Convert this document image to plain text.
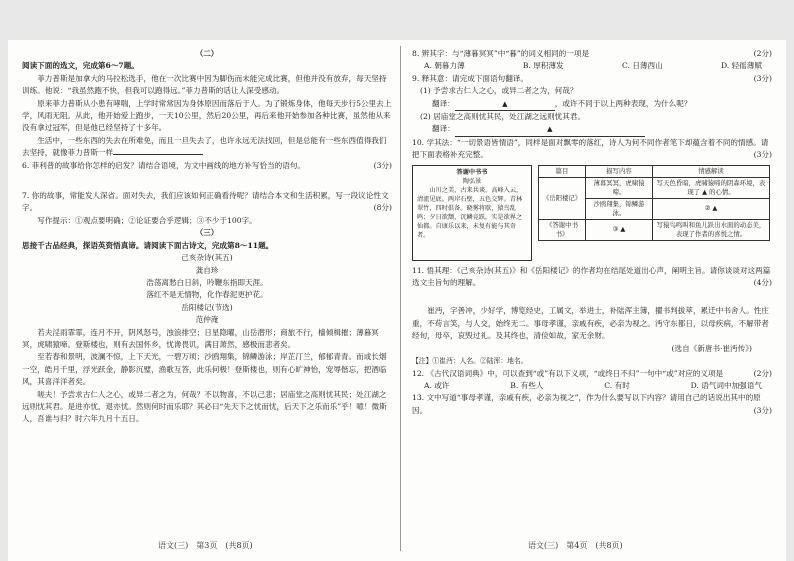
（二）

阅读下面的选文，完成第6～7题。

菲力普斯是加拿大的马拉松选手，他在一次比赛中因为脚伤而未能完成比赛，但他并没有放弃，每天坚持训练。他说：“我虽然跑不快，但我可以跑得远。”菲力普斯的话让人深受感动。

原来菲力普斯从小患有哮喘，上学时常常因为身体原因而落后于人。为了锻炼身体，他每天步行5公里去上学，风雨无阻。从此，他开始爱上跑步，一天10公里，然后20公里，再后来他开始参加各种比赛，虽然他从来没有拿过冠军，但是他已经坚持了十多年。

生活中，一些东西的失去在所难免，而且一旦失去了，也许永远无法找回，但是总能有一些东西值得我们去坚持，就像菲力普斯一样

6. 菲利普的故事给你怎样的启发？请结合语境，为文中画线的地方补写恰当的语句。	(3分)

7. 你的故事，常能发人深省。面对失去，我们应该如何正确看待呢？请结合本文和生活积累，写一段议论性文字。	(8分)

写作提示：①观点要明确；②论证要合乎逻辑；③不少于100字。

（三）

思接千古品经典，探语英资悟真谛。请阅读下面古诗文，完成第8～11题。

己亥杂诗(其五)
龚自珍
浩荡离愁白日斜，吟鞭东指即天涯。
落红不是无情物，化作春泥更护花。
岳阳楼记(节选)
范仲淹

若夫淫雨霏霏，连月不开，阴风怒号，浊浪排空；日星隐曜，山岳潜形；商旅不行，樯倾楫摧；薄暮冥冥，虎啸猿啼。登斯楼也，则有去国怀乡，忧谗畏讥，满目萧然，感极而悲者矣。

至若春和景明，波澜不惊，上下天光，一碧万顷；沙鸥翔集，锦鳞游泳；岸芷汀兰，郁郁青青。而或长烟一空，皓月千里，浮光跃金，静影沉璧，渔歌互答，此乐何极！登斯楼也，则有心旷神怡，宠辱偕忘，把酒临风，其喜洋洋者矣。

嗟夫！予尝求古仁人之心，或异二者之为，何哉？不以物喜，不以己悲；居庙堂之高则忧其民；处江湖之远则忧其君。是进亦忧，退亦忧。然则何时而乐耶？其必曰“先天下之忧而忧，后天下之乐而乐”乎！噫！微斯人，吾谁与归？时六年九月十五日。

8. 辨其字：与“薄暮冥冥”中“暮”的词义相同的一项是	(2分)

A. 朝暮力薄	B. 厚积薄发	C. 日薄西山	D. 轻徭薄赋

9. 释其意：请完成下面语句翻译。	(3分)

(1) 予尝求古仁人之心，或异二者之为，何哉？

翻译：	▲	，或许不同于以上两种表现，为什么呢？

(2) 居庙堂之高则忧其民，处江湖之远则忧其君。

翻译：	▲

10. 学其法：“一切景语皆情语”，同样是面对飘零的落红，诗人为何不同作者笔下却蕴含着不同的情感。请把下面表格补充完整。	(3分)

答谢中书书
陶弘景
山川之美，古来共谈。高峰入云，清流见底。两岸石壁，五色交辉。青林翠竹，四时俱备。晓雾将歇，猿鸟乱鸣；夕日欲颓，沉鳞竞跃。实是欲界之仙都。自康乐以来，未复有能与其奇者。
篇目	描写内容	情感解读
《岳阳楼记》	薄暮冥冥，虎啸猿啼。	写天色昏暗，虎啸猿啼的阴森环境，表现了 ▲ 的心情。
	沙鸥翔集，锦鳞游泳。	② ▲
《答谢中书书》	③ ▲	写猿鸟鸣叫和鱼儿跃出水面的动态美，表现了作者的喜悦之情。

11. 悟其理：《己亥杂诗(其五)》和《岳阳楼记》的作者均在结尾处道出心声，阐明主旨。请你谈谈对这两篇选文主旨句的理解。	(4分)

崔沔，字善冲，少好学，博览经史，工属文，举进士，补陆浑主簿，擢书判拔萃，累迁中书舍人。性庄重，不苟言笑，与人交，始终无二。事母孝谨，亲戚有疾，必亲为视之。沔守东都日，以母疾病，不解带者经旬，母卒，哀毁过礼。及其终也，清俭如故，家无余财。

(选自《新唐书·崔沔传》)

【注】①崔沔：人名。②陆浑：地名。

12. 《古代汉语词典》中，可以查到“或”有以下义项，“或终日不归”一句中“或”对应的义项是	(2分)

A. 或许	B. 有些人	C. 有时	D. 语气词中加强语气

13. 文中写道“事母孝谨，亲戚有疾，必亲为视之”，作为什么要写以下内容？请用自己的话说出其中的原因。	(3分)

语文(三)　第3页　(共8页)	语文(三)　第4页　(共8页)
